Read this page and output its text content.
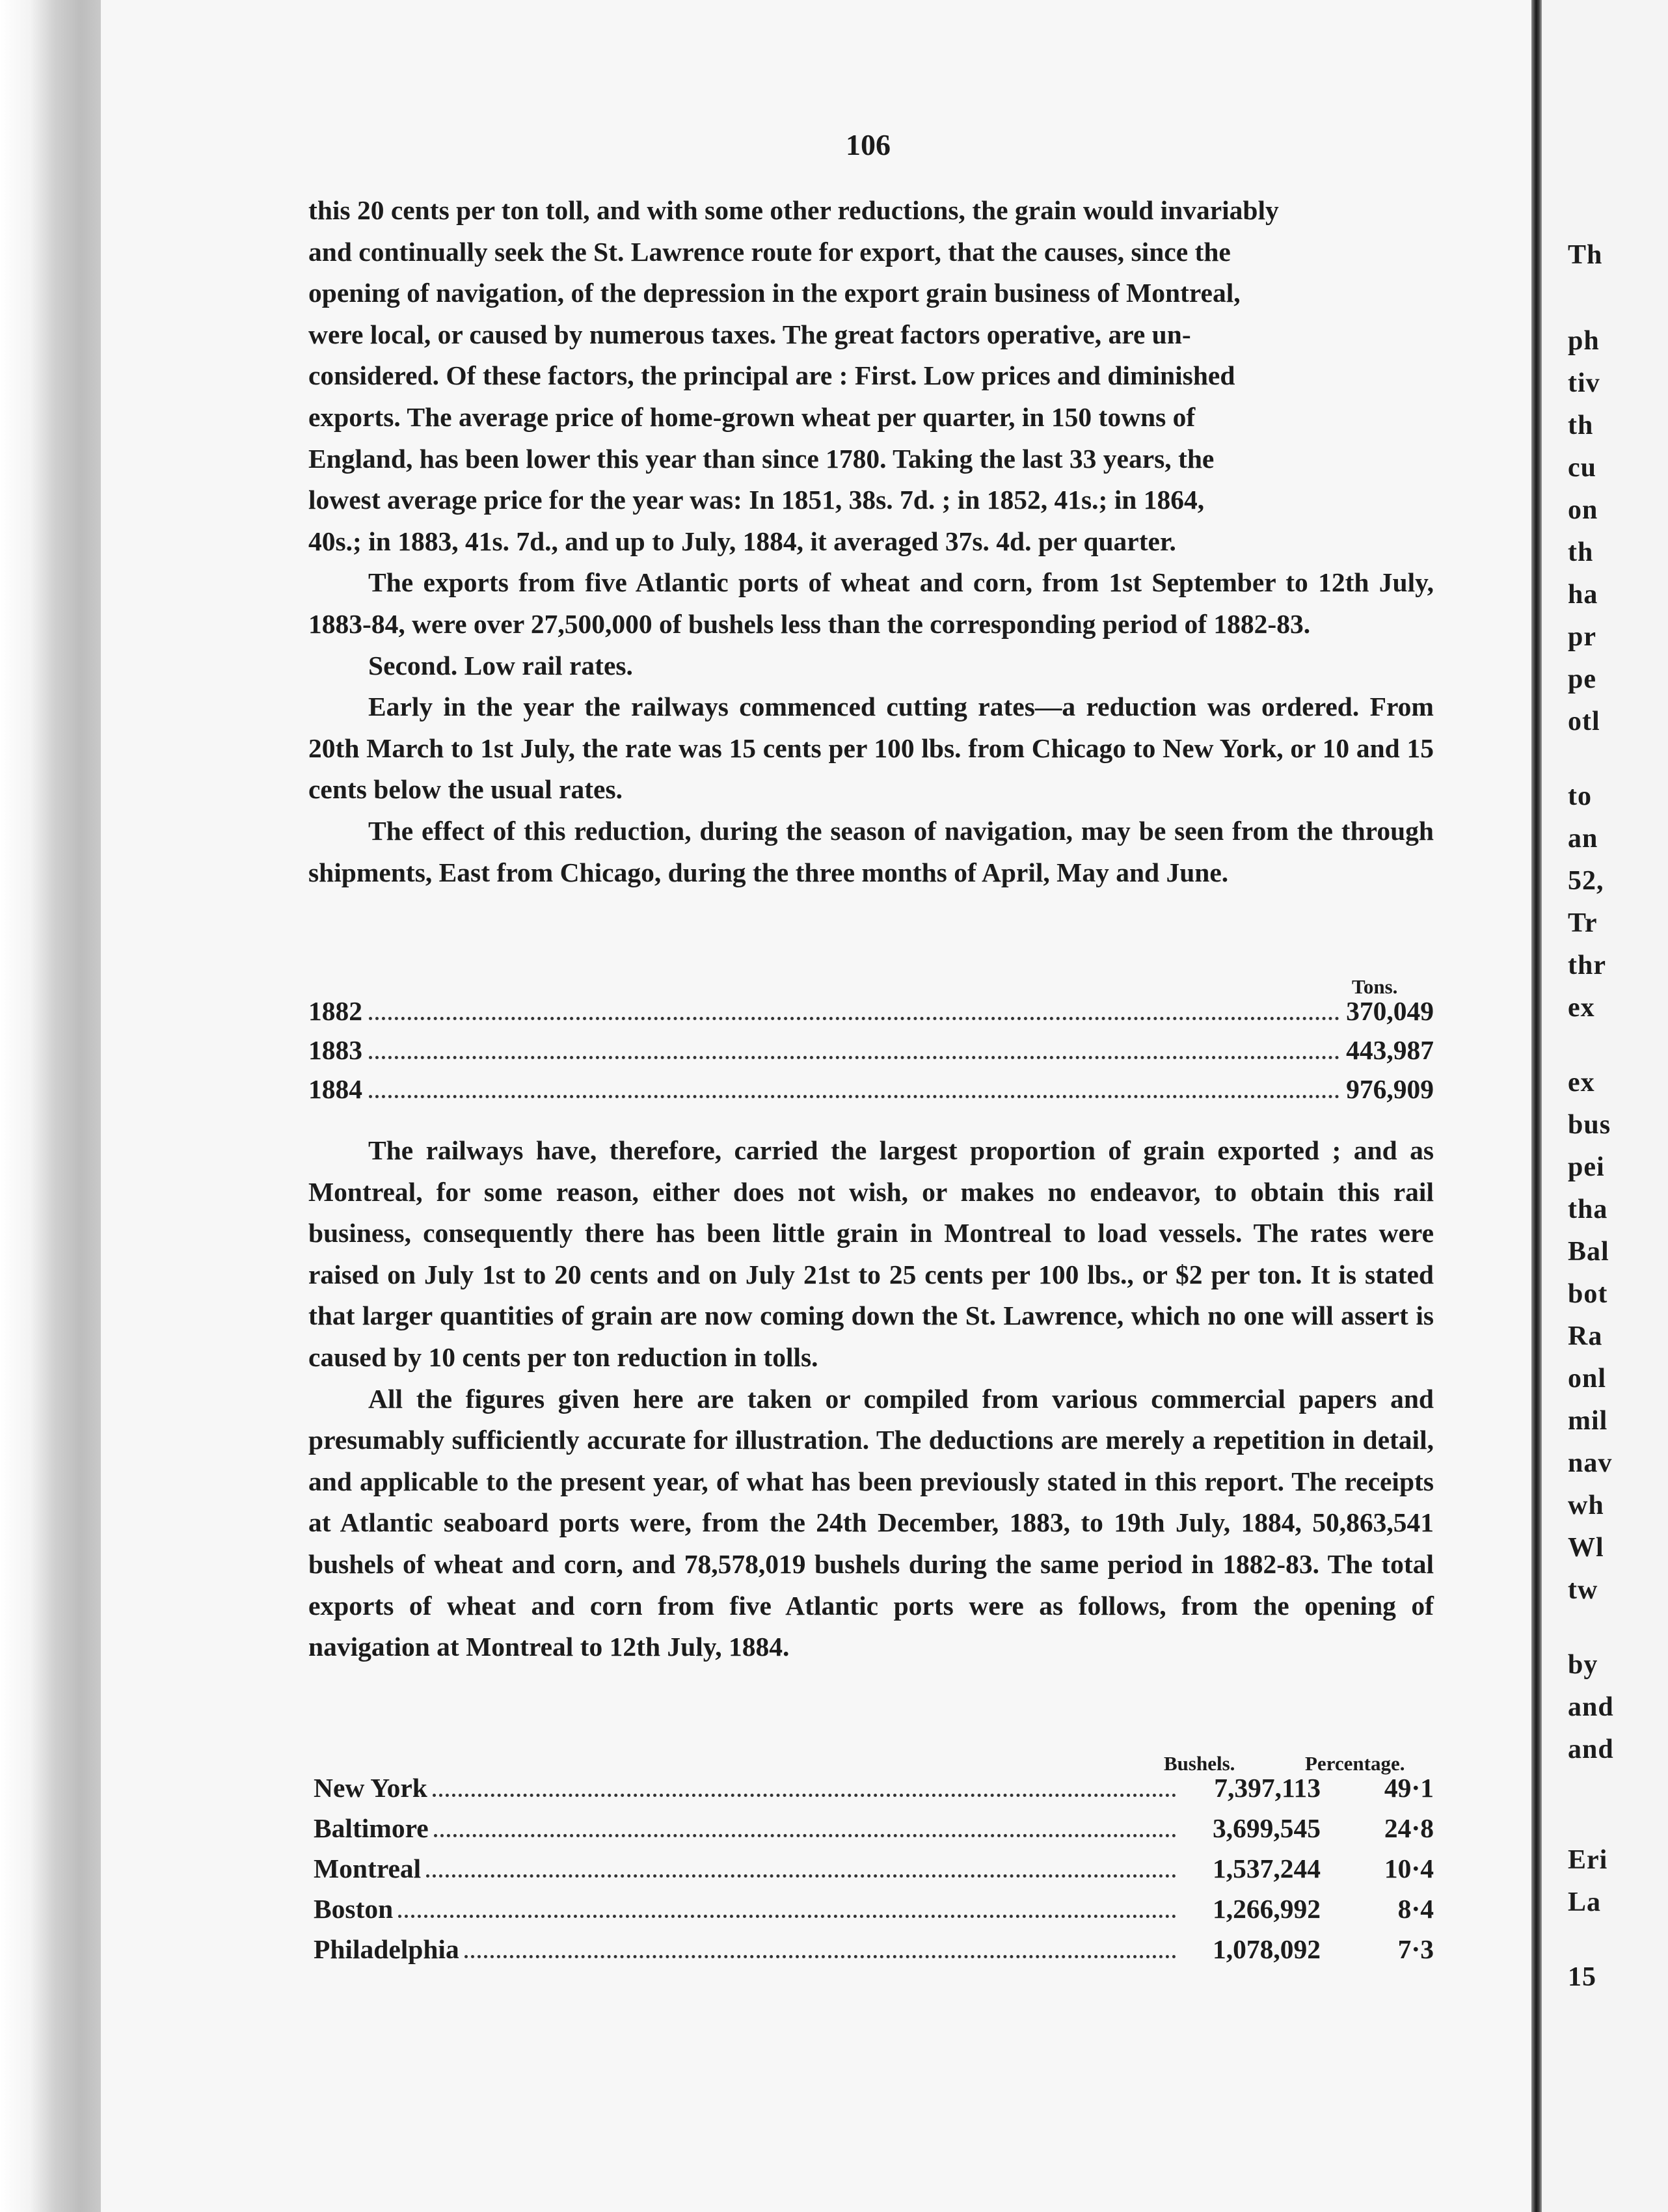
106

this 20 cents per ton toll, and with some other reductions, the grain would invariably
and continually seek the St. Lawrence route for export, that the causes, since the
opening of navigation, of the depression in the export grain business of Montreal,
were local, or caused by numerous taxes. The great factors operative, are un-
considered. Of these factors, the principal are : First. Low prices and diminished
exports. The average price of home-grown wheat per quarter, in 150 towns of
England, has been lower this year than since 1780. Taking the last 33 years, the
lowest average price for the year was: In 1851, 38s. 7d. ; in 1852, 41s.; in 1864,
40s.; in 1883, 41s. 7d., and up to July, 1884, it averaged 37s. 4d. per quarter.

The exports from five Atlantic ports of wheat and corn, from 1st September to 12th July, 1883-84, were over 27,500,000 of bushels less than the corresponding period of 1882-83.

Second. Low rail rates.

Early in the year the railways commenced cutting rates—a reduction was ordered. From 20th March to 1st July, the rate was 15 cents per 100 lbs. from Chicago to New York, or 10 and 15 cents below the usual rates.

The effect of this reduction, during the season of navigation, may be seen from the through shipments, East from Chicago, during the three months of April, May and June.

Tons.
1882	370,049
1883	443,987
1884	976,909

The railways have, therefore, carried the largest proportion of grain exported ; and as Montreal, for some reason, either does not wish, or makes no endeavor, to obtain this rail business, consequently there has been little grain in Montreal to load vessels. The rates were raised on July 1st to 20 cents and on July 21st to 25 cents per 100 lbs., or $2 per ton. It is stated that larger quantities of grain are now coming down the St. Lawrence, which no one will assert is caused by 10 cents per ton reduction in tolls.

All the figures given here are taken or compiled from various commercial papers and presumably sufficiently accurate for illustration. The deductions are merely a repetition in detail, and applicable to the present year, of what has been previously stated in this report. The receipts at Atlantic seaboard ports were, from the 24th December, 1883, to 19th July, 1884, 50,863,541 bushels of wheat and corn, and 78,578,019 bushels during the same period in 1882-83. The total exports of wheat and corn from five Atlantic ports were as follows, from the opening of navigation at Montreal to 12th July, 1884.

Bushels.	Percentage.
New York	7,397,113	49·1
Baltimore	3,699,545	24·8
Montreal	1,537,244	10·4
Boston	1,266,992	8·4
Philadelphia	1,078,092	7·3
Th
ph
tiv
th
cu
on
th
ha
pr
pe
otl
to
an
52,
Tr
thr
ex
ex
bus
pei
tha
Bal
bot
Ra
onl
mil
nav
wh
Wl
tw
by
and
and
Eri
La
15
